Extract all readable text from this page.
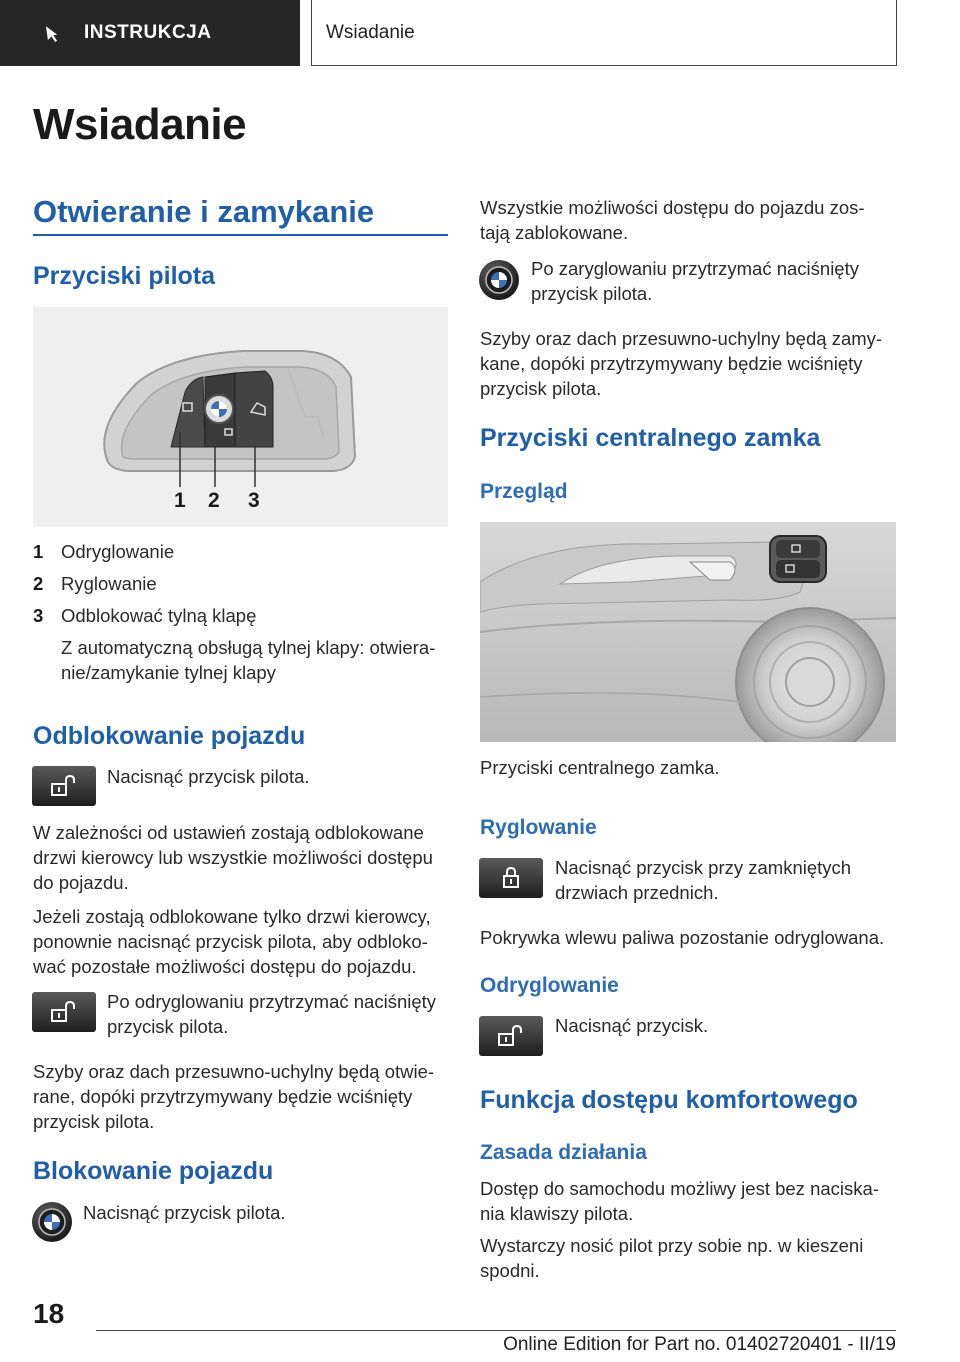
INSTRUKCJA	Wsiadanie
Wsiadanie
Otwieranie i zamykanie
Przyciski pilota
1 2 3
1 Odryglowanie
2 Ryglowanie
3 Odblokować tylną klapę
Z automatyczną obsługą tylnej klapy: otwiera-
nie/zamykanie tylnej klapy
Odblokowanie pojazdu
Nacisnąć przycisk pilota.
W zależności od ustawień zostają odblokowane
drzwi kierowcy lub wszystkie możliwości dostępu
do pojazdu.
Jeżeli zostają odblokowane tylko drzwi kierowcy,
ponownie nacisnąć przycisk pilota, aby odbloko-
wać pozostałe możliwości dostępu do pojazdu.
Po odryglowaniu przytrzymać naciśnięty
przycisk pilota.
Szyby oraz dach przesuwno-uchylny będą otwie-
rane, dopóki przytrzymywany będzie wciśnięty
przycisk pilota.
Blokowanie pojazdu
Nacisnąć przycisk pilota.
Wszystkie możliwości dostępu do pojazdu zos-
tają zablokowane.
Po zaryglowaniu przytrzymać naciśnięty
przycisk pilota.
Szyby oraz dach przesuwno-uchylny będą zamy-
kane, dopóki przytrzymywany będzie wciśnięty
przycisk pilota.
Przyciski centralnego zamka
Przegląd
Przyciski centralnego zamka.
Ryglowanie
Nacisnąć przycisk przy zamkniętych
drzwiach przednich.
Pokrywka wlewu paliwa pozostanie odryglowana.
Odryglowanie
Nacisnąć przycisk.
Funkcja dostępu komfortowego
Zasada działania
Dostęp do samochodu możliwy jest bez naciska-
nia klawiszy pilota.
Wystarczy nosić pilot przy sobie np. w kieszeni
spodni.
18
Online Edition for Part no. 01402720401 - II/19
